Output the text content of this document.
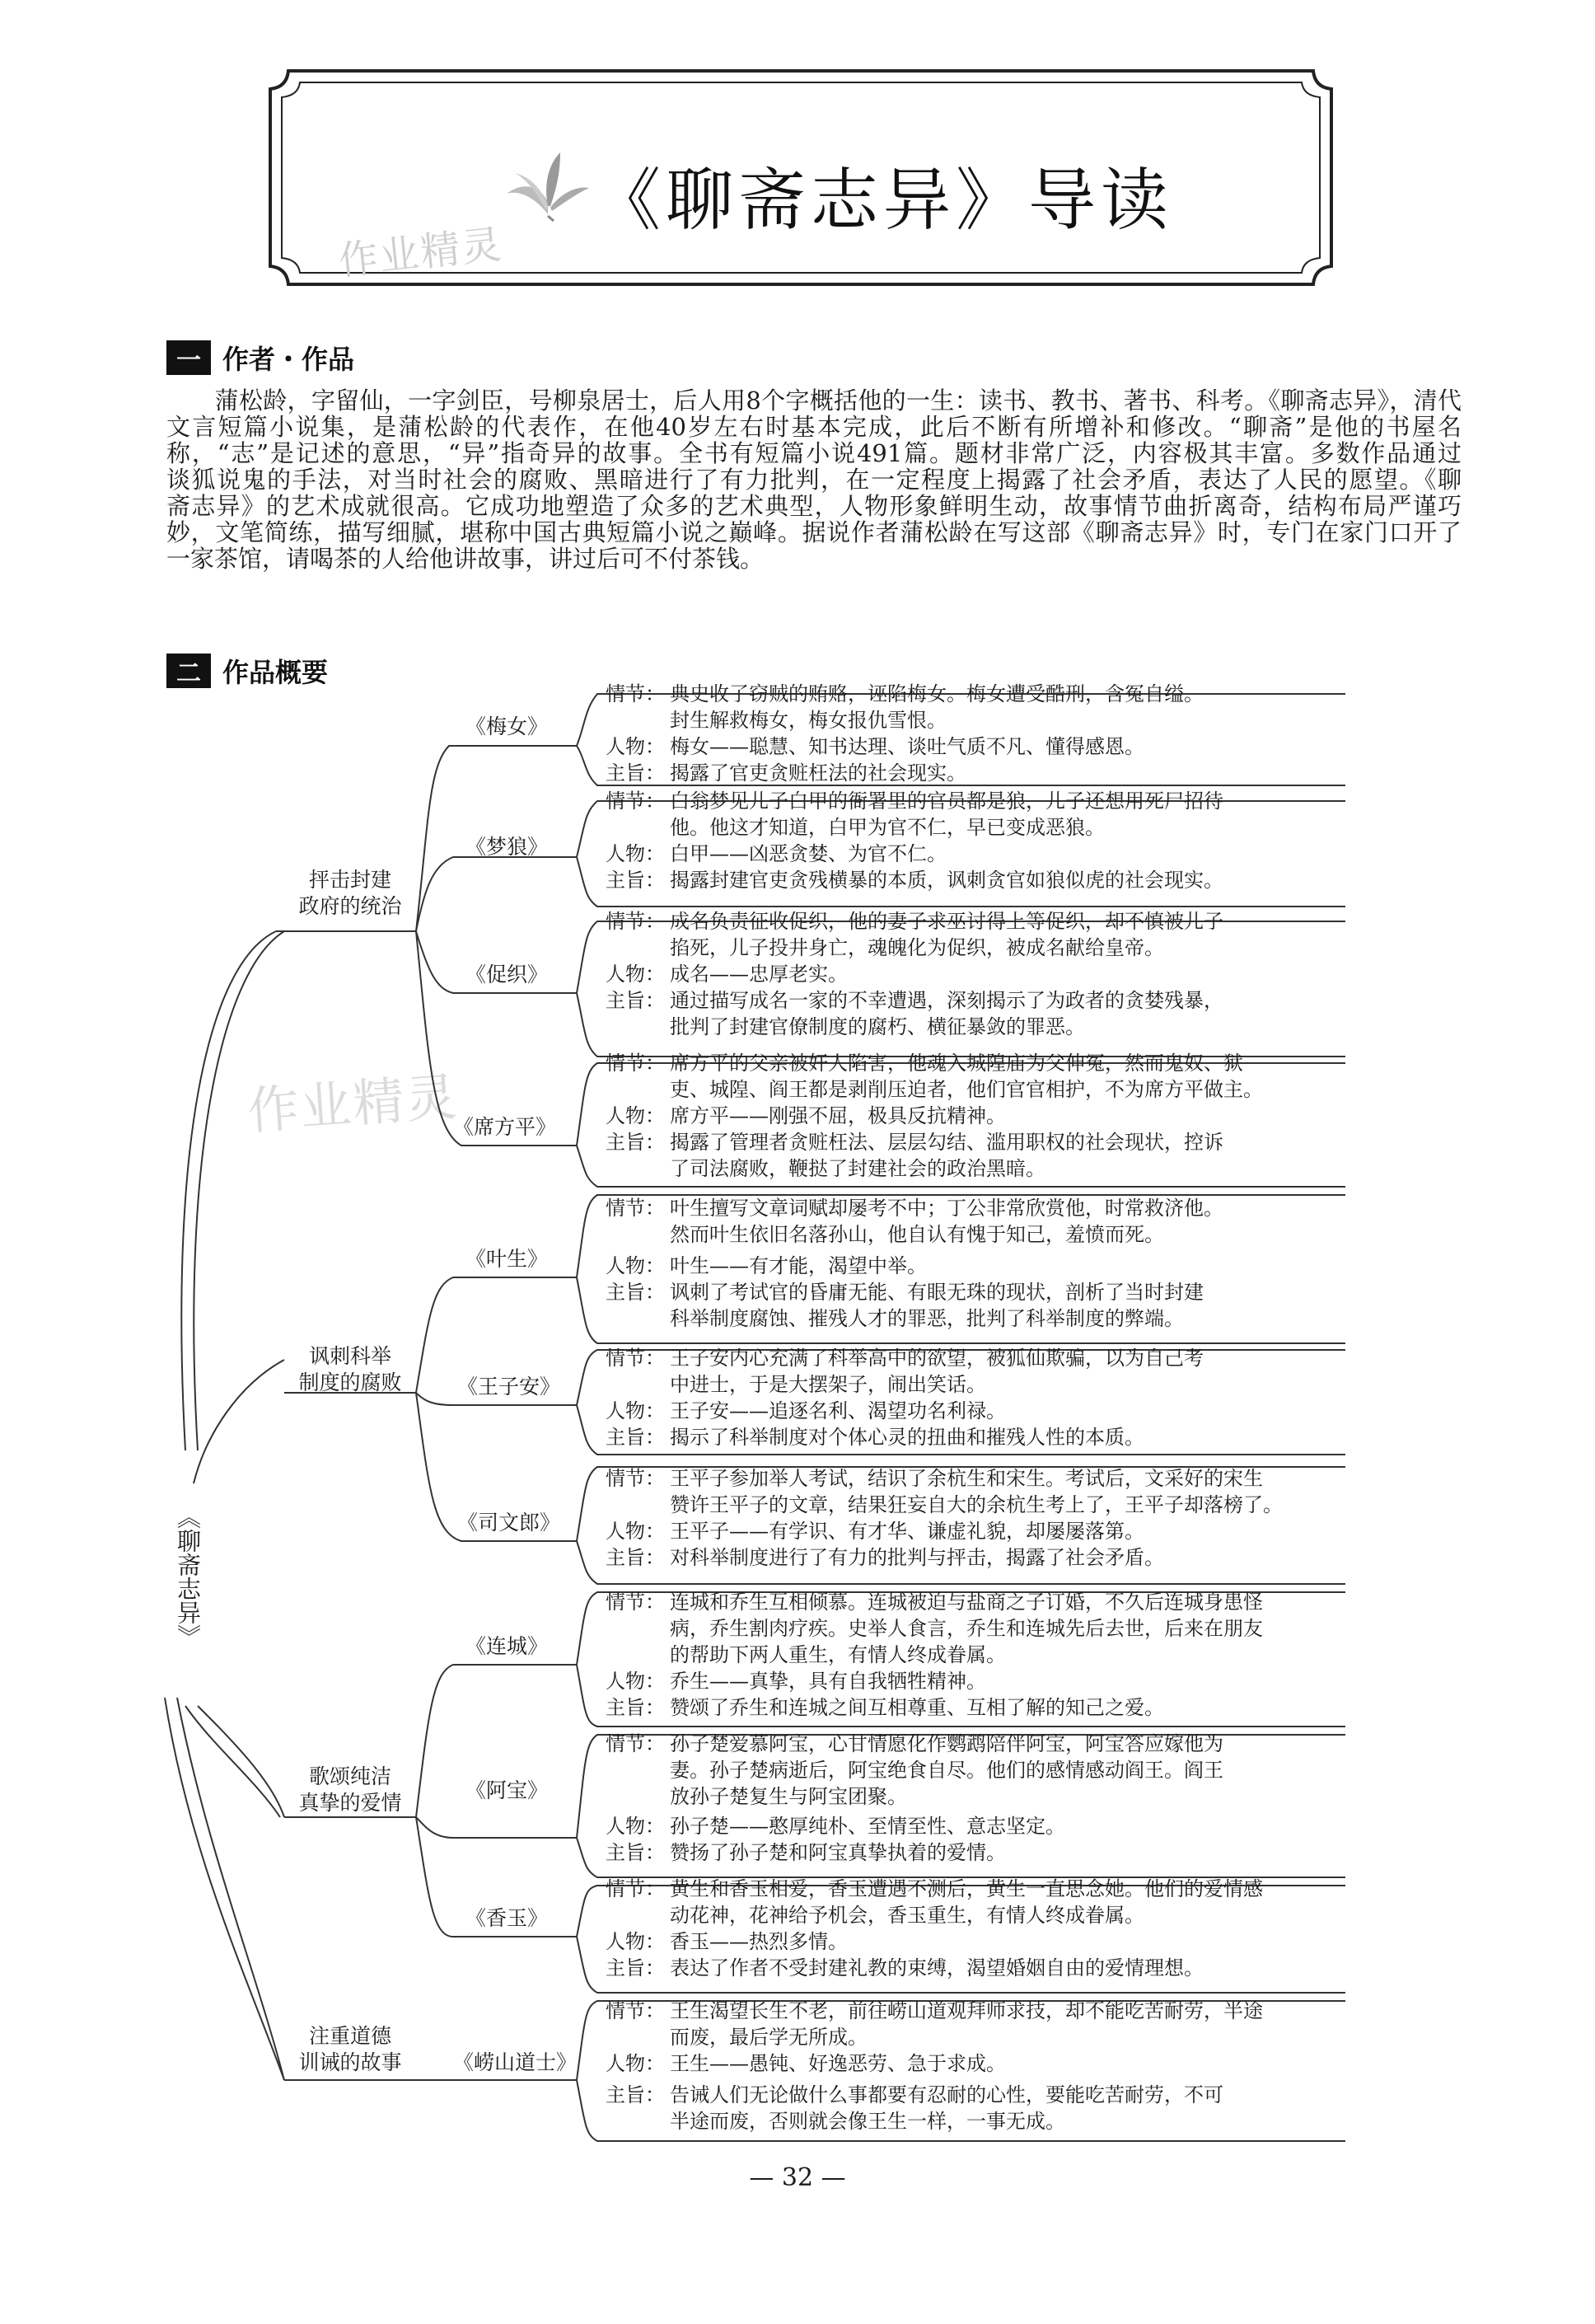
《聊斋志异》导读
作业精灵
作业精灵
一 作者・作品
　　蒲松龄，字留仙，一字剑臣，号柳泉居士，后人用8个字概括他的一生：读书、教书、著书、科考。《聊斋志异》，清代
文言短篇小说集，是蒲松龄的代表作，在他40岁左右时基本完成，此后不断有所增补和修改。“聊斋”是他的书屋名
称，“志”是记述的意思，“异”指奇异的故事。全书有短篇小说491篇。题材非常广泛，内容极其丰富。多数作品通过
谈狐说鬼的手法，对当时社会的腐败、黑暗进行了有力批判，在一定程度上揭露了社会矛盾，表达了人民的愿望。《聊
斋志异》的艺术成就很高。它成功地塑造了众多的艺术典型，人物形象鲜明生动，故事情节曲折离奇，结构布局严谨巧
妙，文笔简练，描写细腻，堪称中国古典短篇小说之巅峰。据说作者蒲松龄在写这部《聊斋志异》时，专门在家门口开了
一家茶馆，请喝茶的人给他讲故事，讲过后可不付茶钱。
二 作品概要
《聊斋志异》
抨击封建
政府的统治
讽刺科举
制度的腐败
歌颂纯洁
真挚的爱情
注重道德
训诫的故事
《梅女》
《梦狼》
《促织》
《席方平》
《叶生》
《王子安》
《司文郎》
《连城》
《阿宝》
《香玉》
《崂山道士》
情节： 典史收了窃贼的贿赂，诬陷梅女。梅女遭受酷刑，含冤自缢。
封生解救梅女，梅女报仇雪恨。
人物： 梅女——聪慧、知书达理、谈吐气质不凡、懂得感恩。
主旨： 揭露了官吏贪赃枉法的社会现实。
情节： 白翁梦见儿子白甲的衙署里的官员都是狼，儿子还想用死尸招待
他。他这才知道，白甲为官不仁，早已变成恶狼。
人物： 白甲——凶恶贪婪、为官不仁。
主旨： 揭露封建官吏贪残横暴的本质，讽刺贪官如狼似虎的社会现实。
情节： 成名负责征收促织，他的妻子求巫讨得上等促织，却不慎被儿子
掐死，儿子投井身亡，魂魄化为促织，被成名献给皇帝。
人物： 成名——忠厚老实。
主旨： 通过描写成名一家的不幸遭遇，深刻揭示了为政者的贪婪残暴，
批判了封建官僚制度的腐朽、横征暴敛的罪恶。
情节： 席方平的父亲被奸人陷害，他魂入城隍庙为父伸冤，然而鬼奴、狱
吏、城隍、阎王都是剥削压迫者，他们官官相护，不为席方平做主。
人物： 席方平——刚强不屈，极具反抗精神。
主旨： 揭露了管理者贪赃枉法、层层勾结、滥用职权的社会现状，控诉
了司法腐败，鞭挞了封建社会的政治黑暗。
情节： 叶生擅写文章词赋却屡考不中；丁公非常欣赏他，时常救济他。
然而叶生依旧名落孙山，他自认有愧于知己，羞愤而死。
人物： 叶生——有才能，渴望中举。
主旨： 讽刺了考试官的昏庸无能、有眼无珠的现状，剖析了当时封建
科举制度腐蚀、摧残人才的罪恶，批判了科举制度的弊端。
情节： 王子安内心充满了科举高中的欲望，被狐仙欺骗，以为自己考
中进士，于是大摆架子，闹出笑话。
人物： 王子安——追逐名利、渴望功名利禄。
主旨： 揭示了科举制度对个体心灵的扭曲和摧残人性的本质。
情节： 王平子参加举人考试，结识了余杭生和宋生。考试后，文采好的宋生
赞许王平子的文章，结果狂妄自大的余杭生考上了，王平子却落榜了。
人物： 王平子——有学识、有才华、谦虚礼貌，却屡屡落第。
主旨： 对科举制度进行了有力的批判与抨击，揭露了社会矛盾。
情节： 连城和乔生互相倾慕。连城被迫与盐商之子订婚，不久后连城身患怪
病，乔生割肉疗疾。史举人食言，乔生和连城先后去世，后来在朋友
的帮助下两人重生，有情人终成眷属。
人物： 乔生——真挚，具有自我牺牲精神。
主旨： 赞颂了乔生和连城之间互相尊重、互相了解的知己之爱。
情节： 孙子楚爱慕阿宝，心甘情愿化作鹦鹉陪伴阿宝，阿宝答应嫁他为
妻。孙子楚病逝后，阿宝绝食自尽。他们的感情感动阎王。阎王
放孙子楚复生与阿宝团聚。
人物： 孙子楚——憨厚纯朴、至情至性、意志坚定。
主旨： 赞扬了孙子楚和阿宝真挚执着的爱情。
情节： 黄生和香玉相爱，香玉遭遇不测后，黄生一直思念她。他们的爱情感
动花神，花神给予机会，香玉重生，有情人终成眷属。
人物： 香玉——热烈多情。
主旨： 表达了作者不受封建礼教的束缚，渴望婚姻自由的爱情理想。
情节： 王生渴望长生不老，前往崂山道观拜师求技，却不能吃苦耐劳，半途
而废，最后学无所成。
人物： 王生——愚钝、好逸恶劳、急于求成。
主旨： 告诫人们无论做什么事都要有忍耐的心性，要能吃苦耐劳，不可
半途而废，否则就会像王生一样，一事无成。
— 32 —
